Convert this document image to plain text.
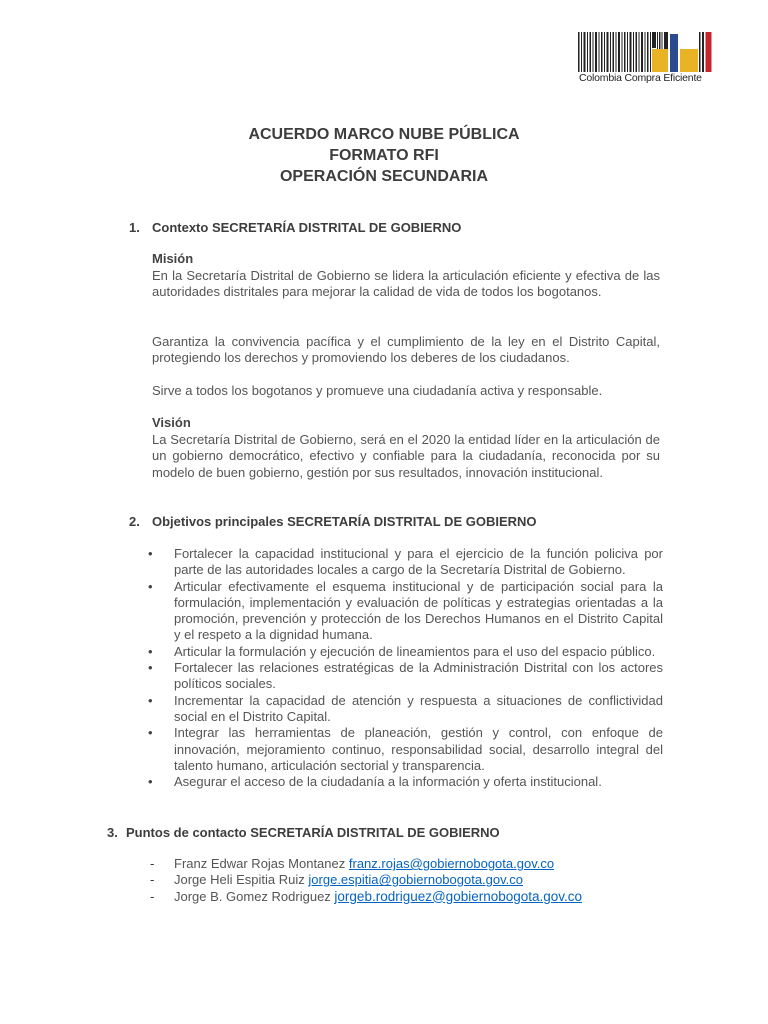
Colombia Compra Eficiente
ACUERDO MARCO NUBE PÚBLICA
FORMATO RFI
OPERACIÓN SECUNDARIA
1. Contexto SECRETARÍA DISTRITAL DE GOBIERNO
Misión
En la Secretaría Distrital de Gobierno se lidera la articulación eficiente y efectiva de las autoridades distritales para mejorar la calidad de vida de todos los bogotanos.
Garantiza la convivencia pacífica y el cumplimiento de la ley en el Distrito Capital, protegiendo los derechos y promoviendo los deberes de los ciudadanos.
Sirve a todos los bogotanos y promueve una ciudadanía activa y responsable.
Visión
La Secretaría Distrital de Gobierno, será en el 2020 la entidad líder en la articulación de un gobierno democrático, efectivo y confiable para la ciudadanía, reconocida por su modelo de buen gobierno, gestión por sus resultados, innovación institucional.
2. Objetivos principales SECRETARÍA DISTRITAL DE GOBIERNO
• Fortalecer la capacidad institucional y para el ejercicio de la función policiva por parte de las autoridades locales a cargo de la Secretaría Distrital de Gobierno.
• Articular efectivamente el esquema institucional y de participación social para la formulación, implementación y evaluación de políticas y estrategias orientadas a la promoción, prevención y protección de los Derechos Humanos en el Distrito Capital y el respeto a la dignidad humana.
• Articular la formulación y ejecución de lineamientos para el uso del espacio público.
• Fortalecer las relaciones estratégicas de la Administración Distrital con los actores políticos sociales.
• Incrementar la capacidad de atención y respuesta a situaciones de conflictividad social en el Distrito Capital.
• Integrar las herramientas de planeación, gestión y control, con enfoque de innovación, mejoramiento continuo, responsabilidad social, desarrollo integral del talento humano, articulación sectorial y transparencia.
• Asegurar el acceso de la ciudadanía a la información y oferta institucional.
3. Puntos de contacto SECRETARÍA DISTRITAL DE GOBIERNO
- Franz Edwar Rojas Montanez franz.rojas@gobiernobogota.gov.co
- Jorge Heli Espitia Ruiz jorge.espitia@gobiernobogota.gov.co
- Jorge B. Gomez Rodriguez jorgeb.rodriguez@gobiernobogota.gov.co
